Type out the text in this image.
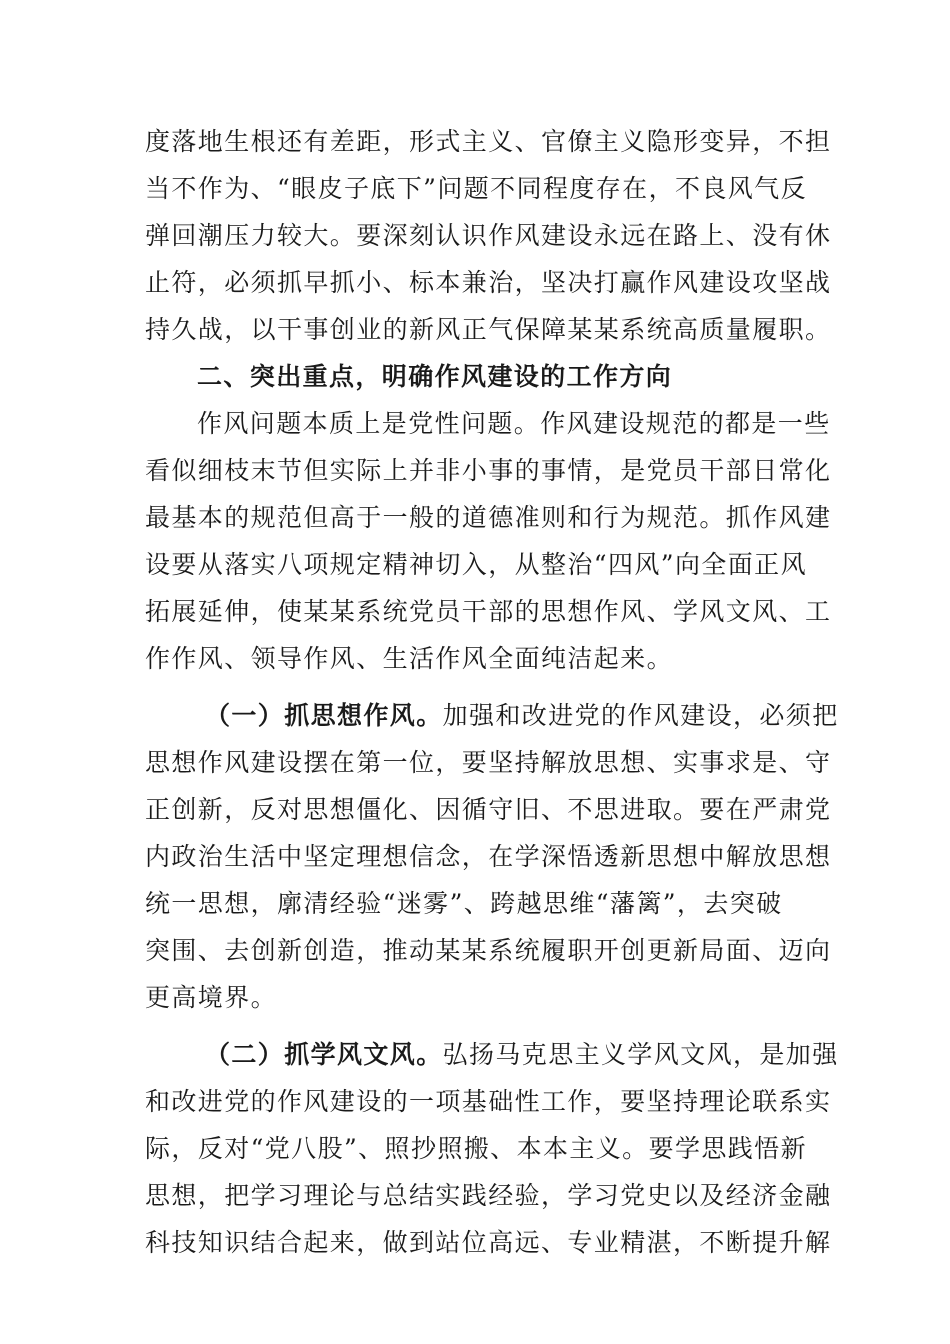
度落地生根还有差距，形式主义、官僚主义隐形变异，不担
当不作为、“眼皮子底下”问题不同程度存在，不良风气反
弹回潮压力较大。要深刻认识作风建设永远在路上、没有休
止符，必须抓早抓小、标本兼治，坚决打赢作风建设攻坚战
持久战，以干事创业的新风正气保障某某系统高质量履职。
二、突出重点，明确作风建设的工作方向
作风问题本质上是党性问题。作风建设规范的都是一些
看似细枝末节但实际上并非小事的事情，是党员干部日常化
最基本的规范但高于一般的道德准则和行为规范。抓作风建
设要从落实八项规定精神切入，从整治“四风”向全面正风
拓展延伸，使某某系统党员干部的思想作风、学风文风、工
作作风、领导作风、生活作风全面纯洁起来。
（一）抓思想作风。加强和改进党的作风建设，必须把
思想作风建设摆在第一位，要坚持解放思想、实事求是、守
正创新，反对思想僵化、因循守旧、不思进取。要在严肃党
内政治生活中坚定理想信念，在学深悟透新思想中解放思想
统一思想，廓清经验“迷雾”、跨越思维“藩篱”，去突破
突围、去创新创造，推动某某系统履职开创更新局面、迈向
更高境界。
（二）抓学风文风。弘扬马克思主义学风文风，是加强
和改进党的作风建设的一项基础性工作，要坚持理论联系实
际，反对“党八股”、照抄照搬、本本主义。要学思践悟新
思想，把学习理论与总结实践经验，学习党史以及经济金融
科技知识结合起来，做到站位高远、专业精湛，不断提升解
